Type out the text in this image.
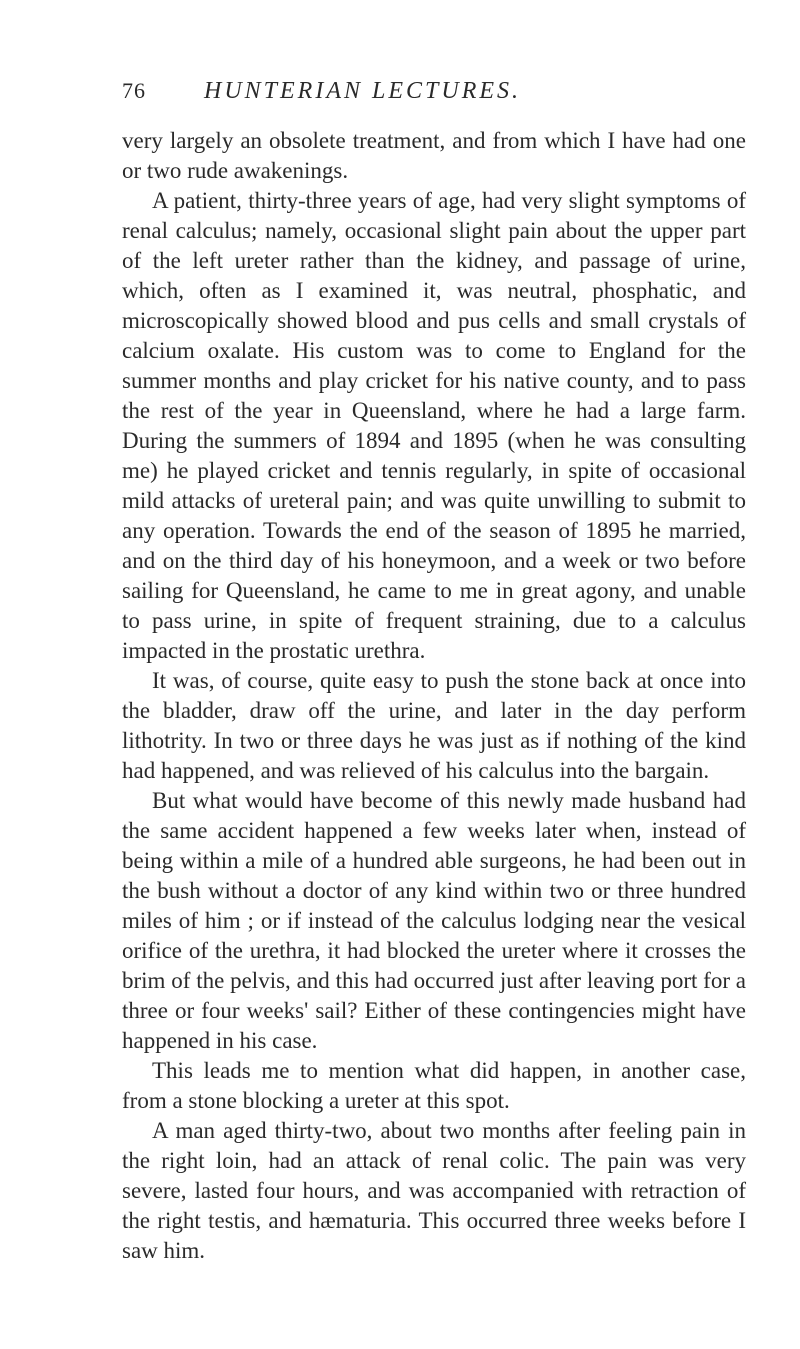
76 HUNTERIAN LECTURES.

very largely an obsolete treatment, and from which I have had one or two rude awakenings.

A patient, thirty-three years of age, had very slight symptoms of renal calculus; namely, occasional slight pain about the upper part of the left ureter rather than the kidney, and passage of urine, which, often as I examined it, was neutral, phosphatic, and microscopically showed blood and pus cells and small crystals of calcium oxalate. His custom was to come to England for the summer months and play cricket for his native county, and to pass the rest of the year in Queensland, where he had a large farm. During the summers of 1894 and 1895 (when he was consulting me) he played cricket and tennis regularly, in spite of occasional mild attacks of ureteral pain; and was quite unwilling to submit to any operation. Towards the end of the season of 1895 he married, and on the third day of his honeymoon, and a week or two before sailing for Queensland, he came to me in great agony, and unable to pass urine, in spite of frequent straining, due to a calculus impacted in the prostatic urethra.

It was, of course, quite easy to push the stone back at once into the bladder, draw off the urine, and later in the day perform lithotrity. In two or three days he was just as if nothing of the kind had happened, and was relieved of his calculus into the bargain.

But what would have become of this newly made husband had the same accident happened a few weeks later when, instead of being within a mile of a hundred able surgeons, he had been out in the bush without a doctor of any kind within two or three hundred miles of him ; or if instead of the calculus lodging near the vesical orifice of the urethra, it had blocked the ureter where it crosses the brim of the pelvis, and this had occurred just after leaving port for a three or four weeks' sail? Either of these contingencies might have happened in his case.

This leads me to mention what did happen, in another case, from a stone blocking a ureter at this spot.

A man aged thirty-two, about two months after feeling pain in the right loin, had an attack of renal colic. The pain was very severe, lasted four hours, and was accompanied with retraction of the right testis, and hæmaturia. This occurred three weeks before I saw him.
